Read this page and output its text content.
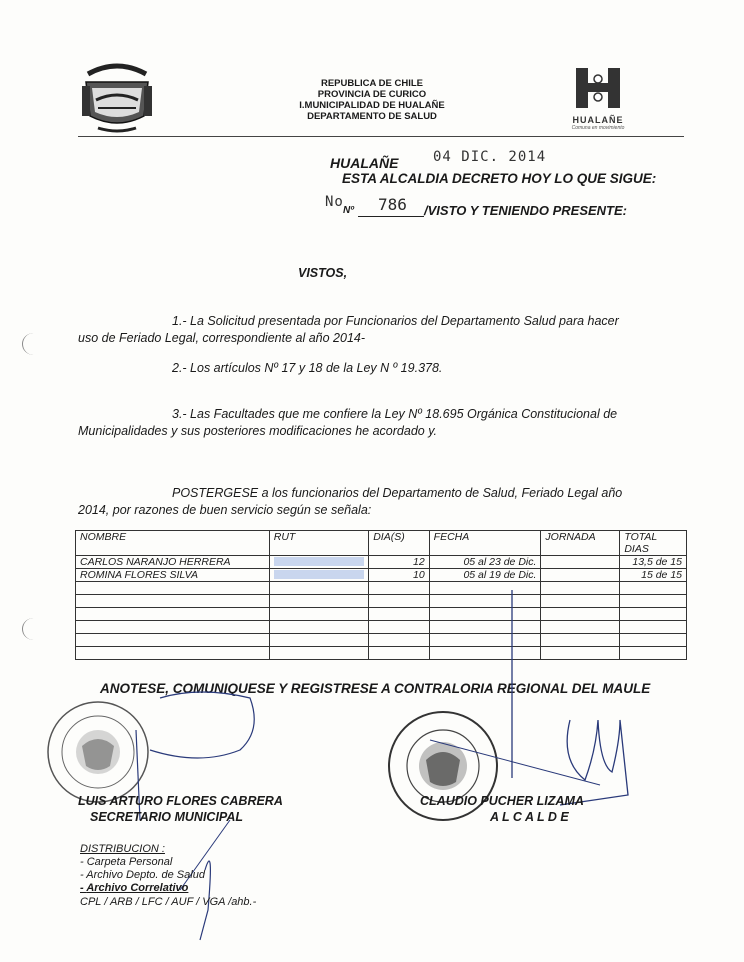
REPUBLICA DE CHILE
PROVINCIA DE CURICO
I.MUNICIPALIDAD DE HUALAÑE
DEPARTAMENTO DE SALUD	HUALAÑE
Comuna en movimiento
HUALAÑE 04 DIC. 2014
ESTA ALCALDIA DECRETO HOY LO QUE SIGUE:
No
Nº 786 /VISTO Y TENIENDO PRESENTE:
VISTOS,
1.- La Solicitud presentada por Funcionarios del Departamento Salud para hacer
uso de Feriado Legal, correspondiente al año 2014-
2.- Los artículos Nº 17 y 18 de la Ley N º 19.378.
3.- Las Facultades que me confiere la Ley Nº 18.695 Orgánica Constitucional de
Municipalidades y sus posteriores modificaciones he acordado y.
POSTERGESE a los funcionarios del Departamento de Salud, Feriado Legal año
2014, por razones de buen servicio según se señala:
NOMBRE	RUT	DIA(S)	FECHA	JORNADA	TOTAL DIAS
CARLOS NARANJO HERRERA		12	05 al 23 de Dic.		13,5 de 15
ROMINA FLORES SILVA		10	05 al 19 de Dic.		15 de 15

ANOTESE, COMUNIQUESE Y REGISTRESE A CONTRALORIA REGIONAL DEL MAULE
LUIS ARTURO FLORES CABRERA
SECRETARIO MUNICIPAL
CLAUDIO PUCHER LIZAMA
A L C A L D E
DISTRIBUCION :
- Carpeta Personal
- Archivo Depto. de Salud
- Archivo Correlativo
CPL / ARB / LFC / AUF / VGA /ahb.-
